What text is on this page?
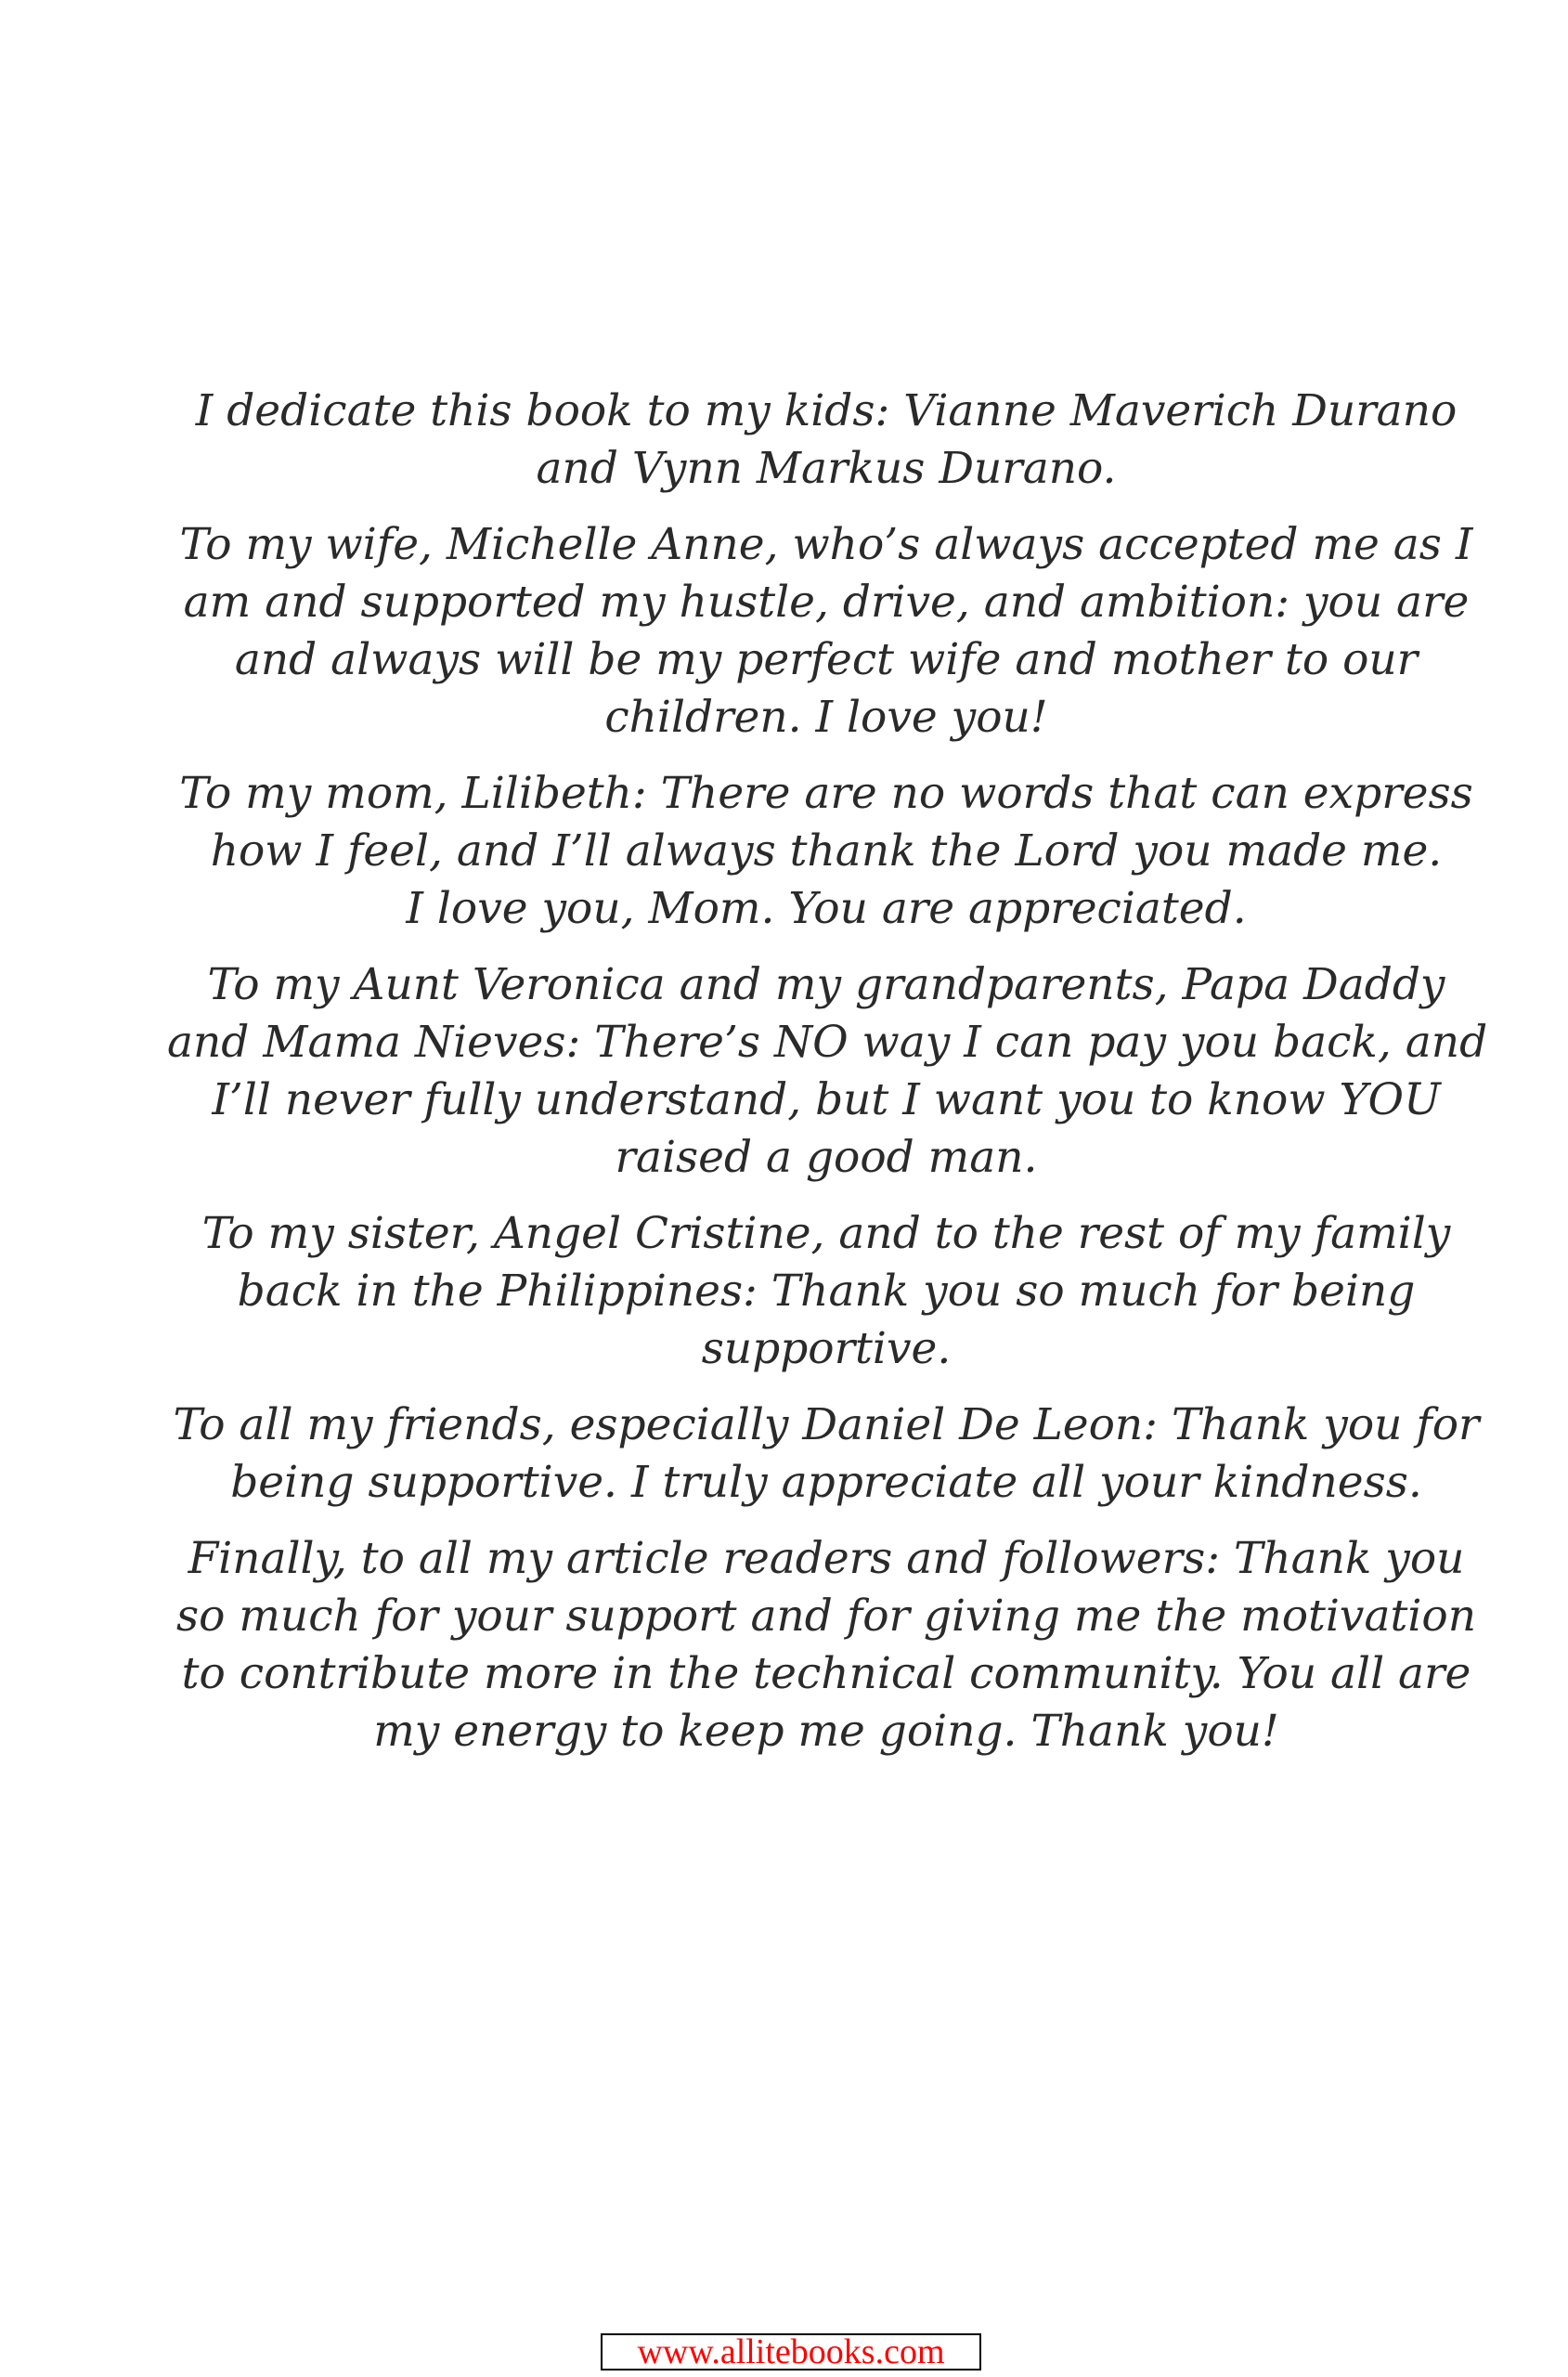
I dedicate this book to my kids: Vianne Maverich Durano
and Vynn Markus Durano.

To my wife, Michelle Anne, who’s always accepted me as I
am and supported my hustle, drive, and ambition: you are
and always will be my perfect wife and mother to our
children. I love you!

To my mom, Lilibeth: There are no words that can express
how I feel, and I’ll always thank the Lord you made me.
I love you, Mom. You are appreciated.

To my Aunt Veronica and my grandparents, Papa Daddy
and Mama Nieves: There’s NO way I can pay you back, and
I’ll never fully understand, but I want you to know YOU
raised a good man.

To my sister, Angel Cristine, and to the rest of my family
back in the Philippines: Thank you so much for being
supportive.

To all my friends, especially Daniel De Leon: Thank you for
being supportive. I truly appreciate all your kindness.

Finally, to all my article readers and followers: Thank you
so much for your support and for giving me the motivation
to contribute more in the technical community. You all are
my energy to keep me going. Thank you!

www.allitebooks.com
